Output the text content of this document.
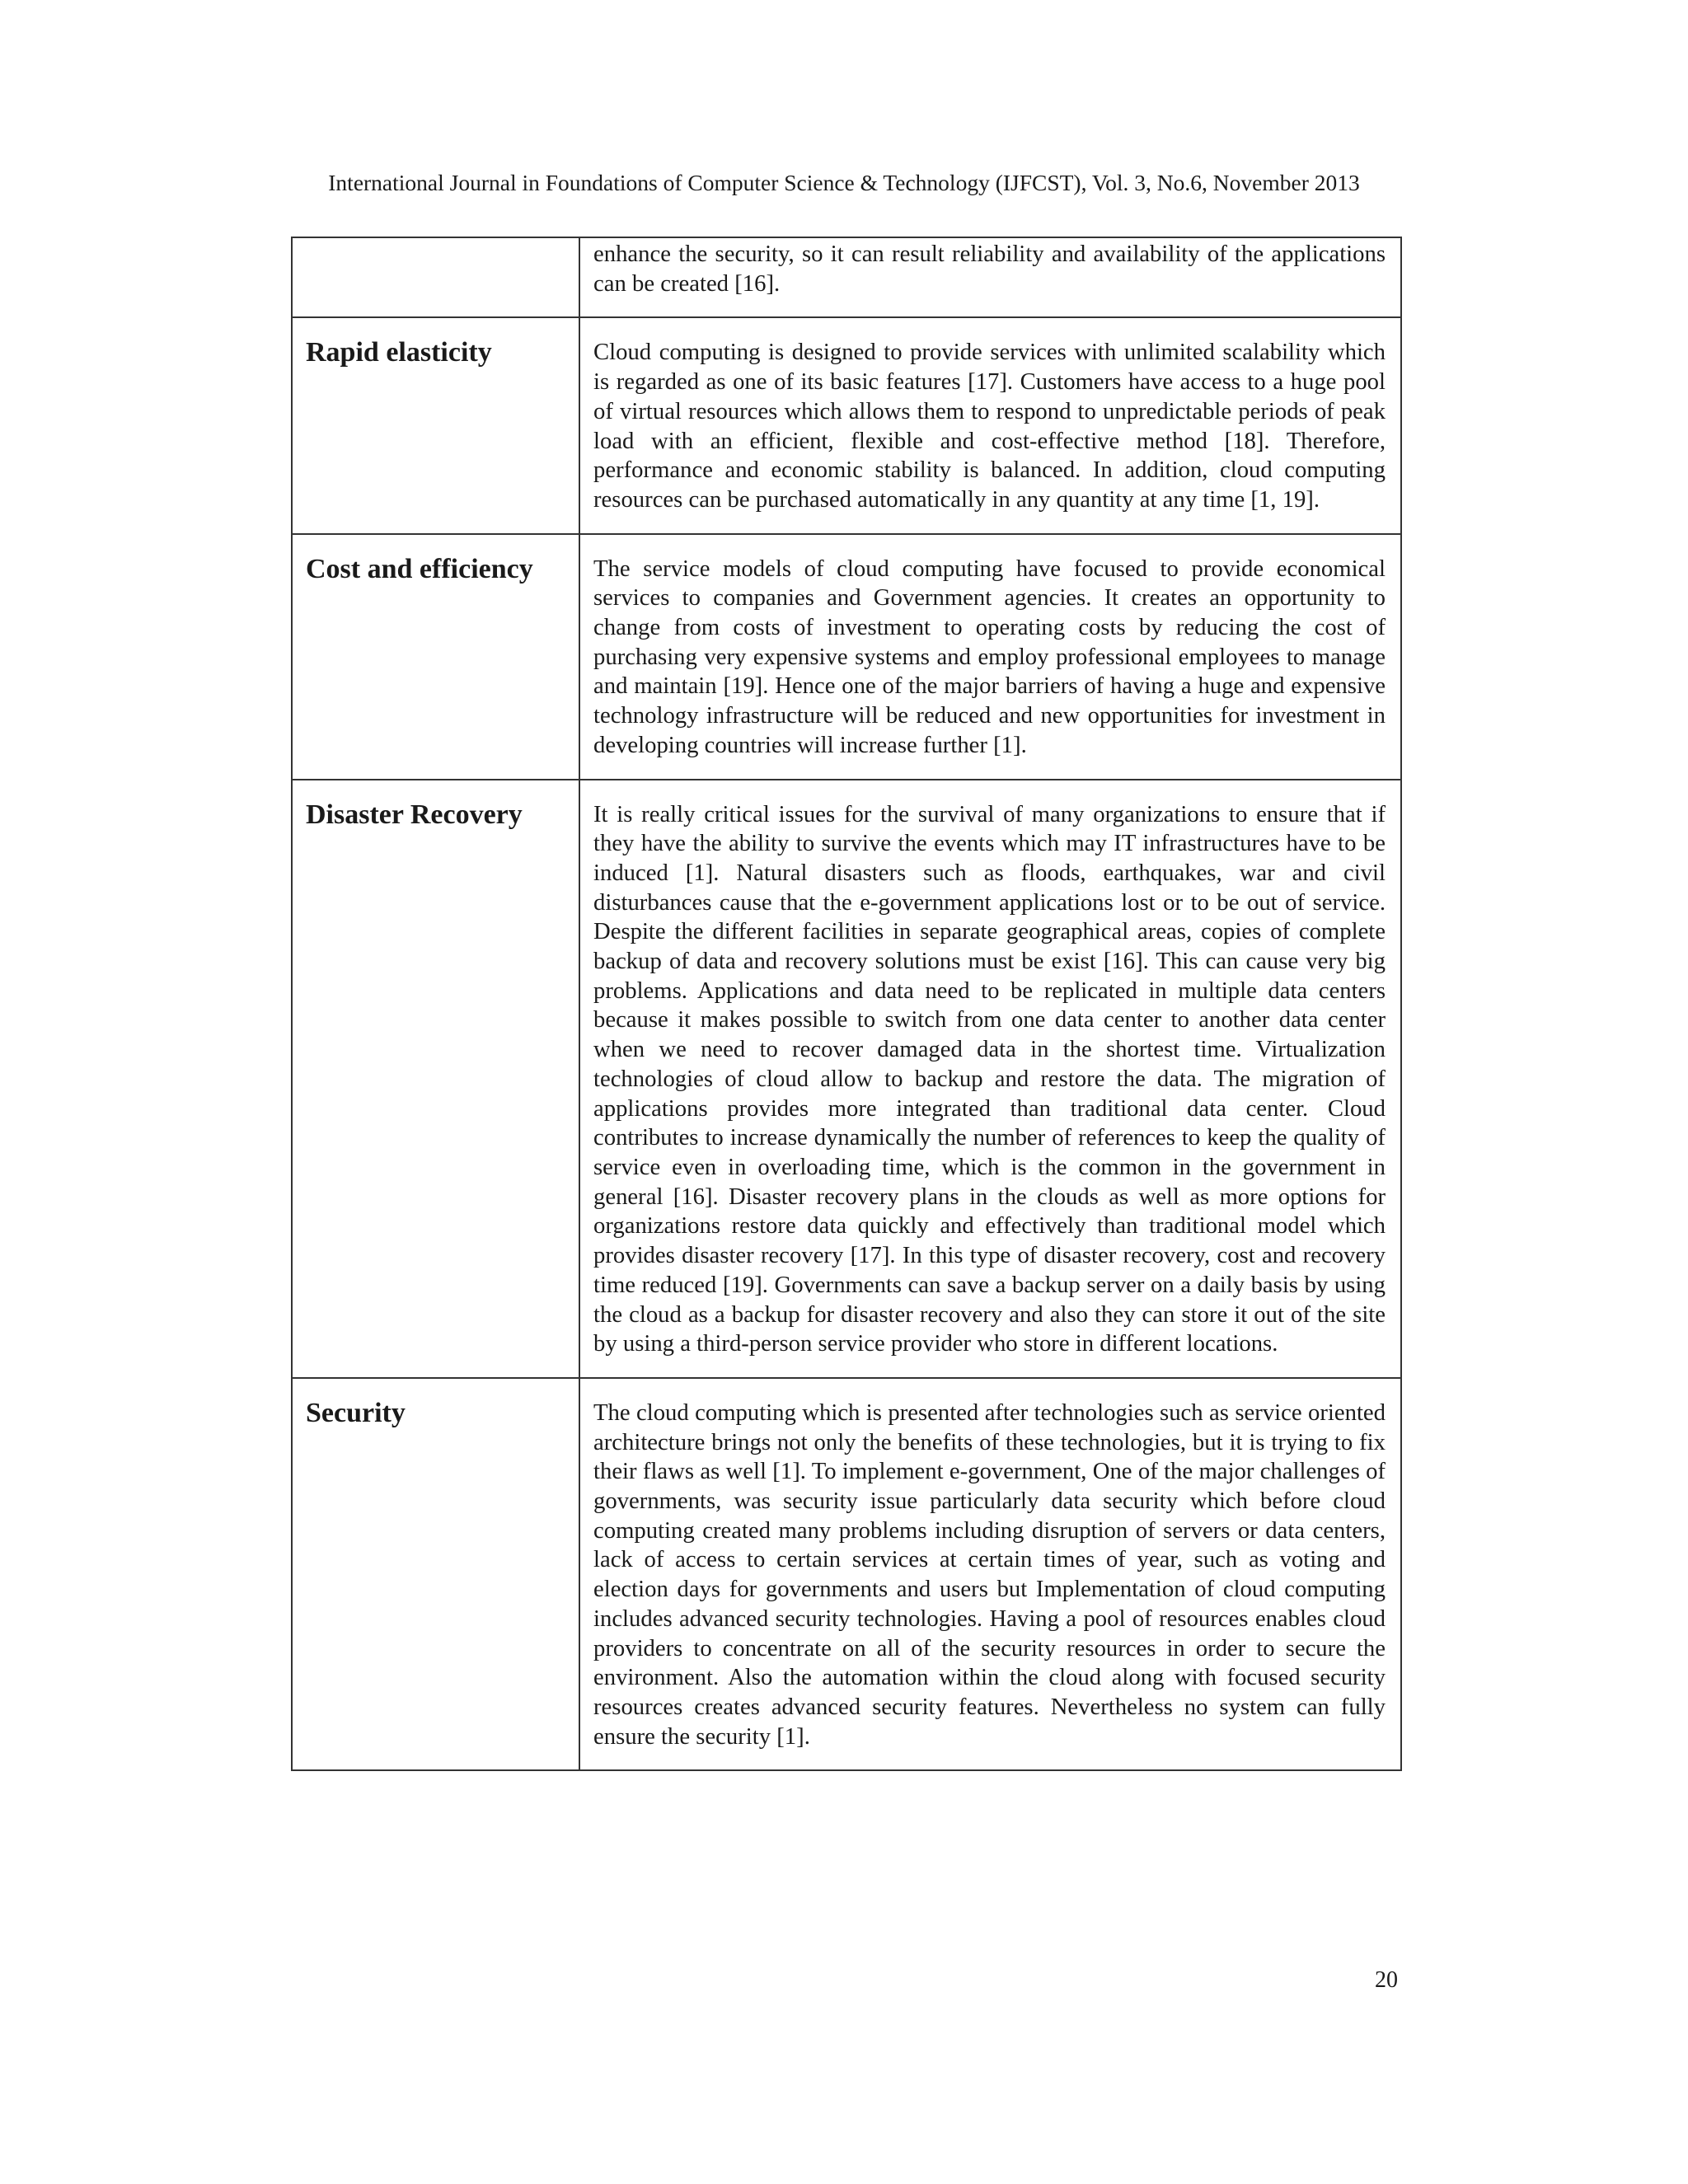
International Journal in Foundations of Computer Science & Technology (IJFCST), Vol. 3, No.6, November 2013

	enhance the security, so it can result reliability and availability of the applications can be created [16].

Rapid elasticity	Cloud computing is designed to provide services with unlimited scalability which is regarded as one of its basic features [17]. Customers have access to a huge pool of virtual resources which allows them to respond to unpredictable periods of peak load with an efficient, flexible and cost-effective method [18]. Therefore, performance and economic stability is balanced. In addition, cloud computing resources can be purchased automatically in any quantity at any time [1, 19].

Cost and efficiency	The service models of cloud computing have focused to provide economical services to companies and Government agencies. It creates an opportunity to change from costs of investment to operating costs by reducing the cost of purchasing very expensive systems and employ professional employees to manage and maintain [19]. Hence one of the major barriers of having a huge and expensive technology infrastructure will be reduced and new opportunities for investment in developing countries will increase further [1].

Disaster Recovery	It is really critical issues for the survival of many organizations to ensure that if they have the ability to survive the events which may IT infrastructures have to be induced [1]. Natural disasters such as floods, earthquakes, war and civil disturbances cause that the e-government applications lost or to be out of service. Despite the different facilities in separate geographical areas, copies of complete backup of data and recovery solutions must be exist [16]. This can cause very big problems. Applications and data need to be replicated in multiple data centers because it makes possible to switch from one data center to another data center when we need to recover damaged data in the shortest time. Virtualization technologies of cloud allow to backup and restore the data. The migration of applications provides more integrated than traditional data center. Cloud contributes to increase dynamically the number of references to keep the quality of service even in overloading time, which is the common in the government in general [16]. Disaster recovery plans in the clouds as well as more options for organizations restore data quickly and effectively than traditional model which provides disaster recovery [17]. In this type of disaster recovery, cost and recovery time reduced [19]. Governments can save a backup server on a daily basis by using the cloud as a backup for disaster recovery and also they can store it out of the site by using a third-person service provider who store in different locations.

Security	The cloud computing which is presented after technologies such as service oriented architecture brings not only the benefits of these technologies, but it is trying to fix their flaws as well [1]. To implement e-government, One of the major challenges of governments, was security issue particularly data security which before cloud computing created many problems including disruption of servers or data centers, lack of access to certain services at certain times of year, such as voting and election days for governments and users but Implementation of cloud computing includes advanced security technologies. Having a pool of resources enables cloud providers to concentrate on all of the security resources in order to secure the environment. Also the automation within the cloud along with focused security resources creates advanced security features. Nevertheless no system can fully ensure the security [1].
20
